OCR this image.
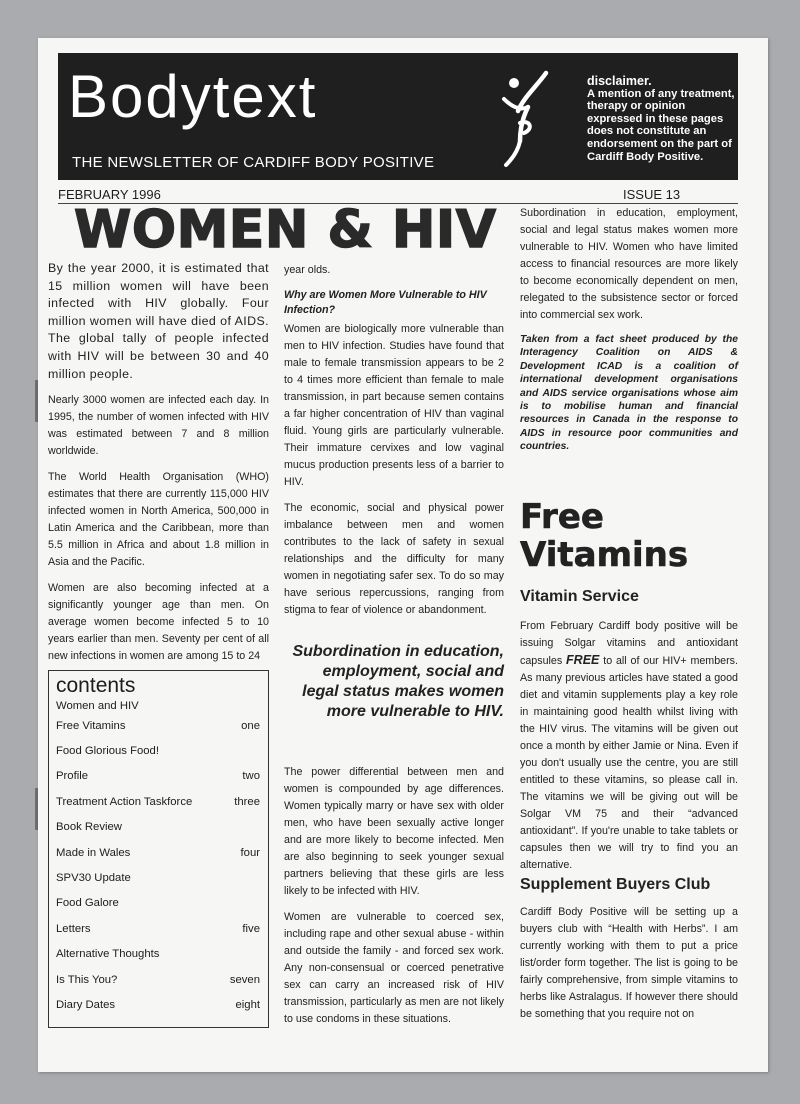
Bodytext
THE NEWSLETTER OF CARDIFF BODY POSITIVE
disclaimer.
A mention of any treatment, therapy or opinion expressed in these pages does not constitute an endorsement on the part of Cardiff Body Positive.
FEBRUARY 1996	ISSUE 13
WOMEN & HIV

By the year 2000, it is estimated that 15 million women will have been infected with HIV globally. Four million women will have died of AIDS. The global tally of people infected with HIV will be between 30 and 40 million people.

Nearly 3000 women are infected each day. In 1995, the number of women infected with HIV was estimated between 7 and 8 million worldwide.

The World Health Organisation (WHO) estimates that there are currently 115,000 HIV infected women in North America, 500,000 in Latin America and the Caribbean, more than 5.5 million in Africa and about 1.8 million in Asia and the Pacific.

Women are also becoming infected at a significantly younger age than men. On average women become infected 5 to 10 years earlier than men. Seventy per cent of all new infections in women are among 15 to 24

contents
Women and HIV
Free Vitamins	one
Food Glorious Food!
Profile	two
Treatment Action Taskforce	three
Book Review
Made in Wales	four
SPV30 Update
Food Galore
Letters	five
Alternative Thoughts
Is This You?	seven
Diary Dates	eight

year olds.

Why are Women More Vulnerable to HIV Infection?

Women are biologically more vulnerable than men to HIV infection. Studies have found that male to female transmission appears to be 2 to 4 times more efficient than female to male transmission, in part because semen contains a far higher concentration of HIV than vaginal fluid. Young girls are particularly vulnerable. Their immature cervixes and low vaginal mucus production presents less of a barrier to HIV.

The economic, social and physical power imbalance between men and women contributes to the lack of safety in sexual relationships and the difficulty for many women in negotiating safer sex. To do so may have serious repercussions, ranging from stigma to fear of violence or abandonment.

Subordination in education, employment, social and legal status makes women more vulnerable to HIV.

The power differential between men and women is compounded by age differences. Women typically marry or have sex with older men, who have been sexually active longer and are more likely to become infected. Men are also beginning to seek younger sexual partners believing that these girls are less likely to be infected with HIV.

Women are vulnerable to coerced sex, including rape and other sexual abuse - within and outside the family - and forced sex work. Any non-consensual or coerced penetrative sex can carry an increased risk of HIV transmission, particularly as men are not likely to use condoms in these situations.

Subordination in education, employment, social and legal status makes women more vulnerable to HIV. Women who have limited access to financial resources are more likely to become economically dependent on men, relegated to the subsistence sector or forced into commercial sex work.

Taken from a fact sheet produced by the Interagency Coalition on AIDS & Development ICAD is a coalition of international development organisations and AIDS service organisations whose aim is to mobilise human and financial resources in Canada in the response to AIDS in resource poor communities and countries.
Free
Vitamins
Vitamin Service

From February Cardiff body positive will be issuing Solgar vitamins and antioxidant capsules FREE to all of our HIV+ members. As many previous articles have stated a good diet and vitamin supplements play a key role in maintaining good health whilst living with the HIV virus. The vitamins will be given out once a month by either Jamie or Nina. Even if you don't usually use the centre, you are still entitled to these vitamins, so please call in. The vitamins we will be giving out will be Solgar VM 75 and their “advanced antioxidant”. If you're unable to take tablets or capsules then we will try to find you an alternative.

Supplement Buyers Club

Cardiff Body Positive will be setting up a buyers club with “Health with Herbs”. I am currently working with them to put a price list/order form together. The list is going to be fairly comprehensive, from simple vitamins to herbs like Astralagus. If however there should be something that you require not on
